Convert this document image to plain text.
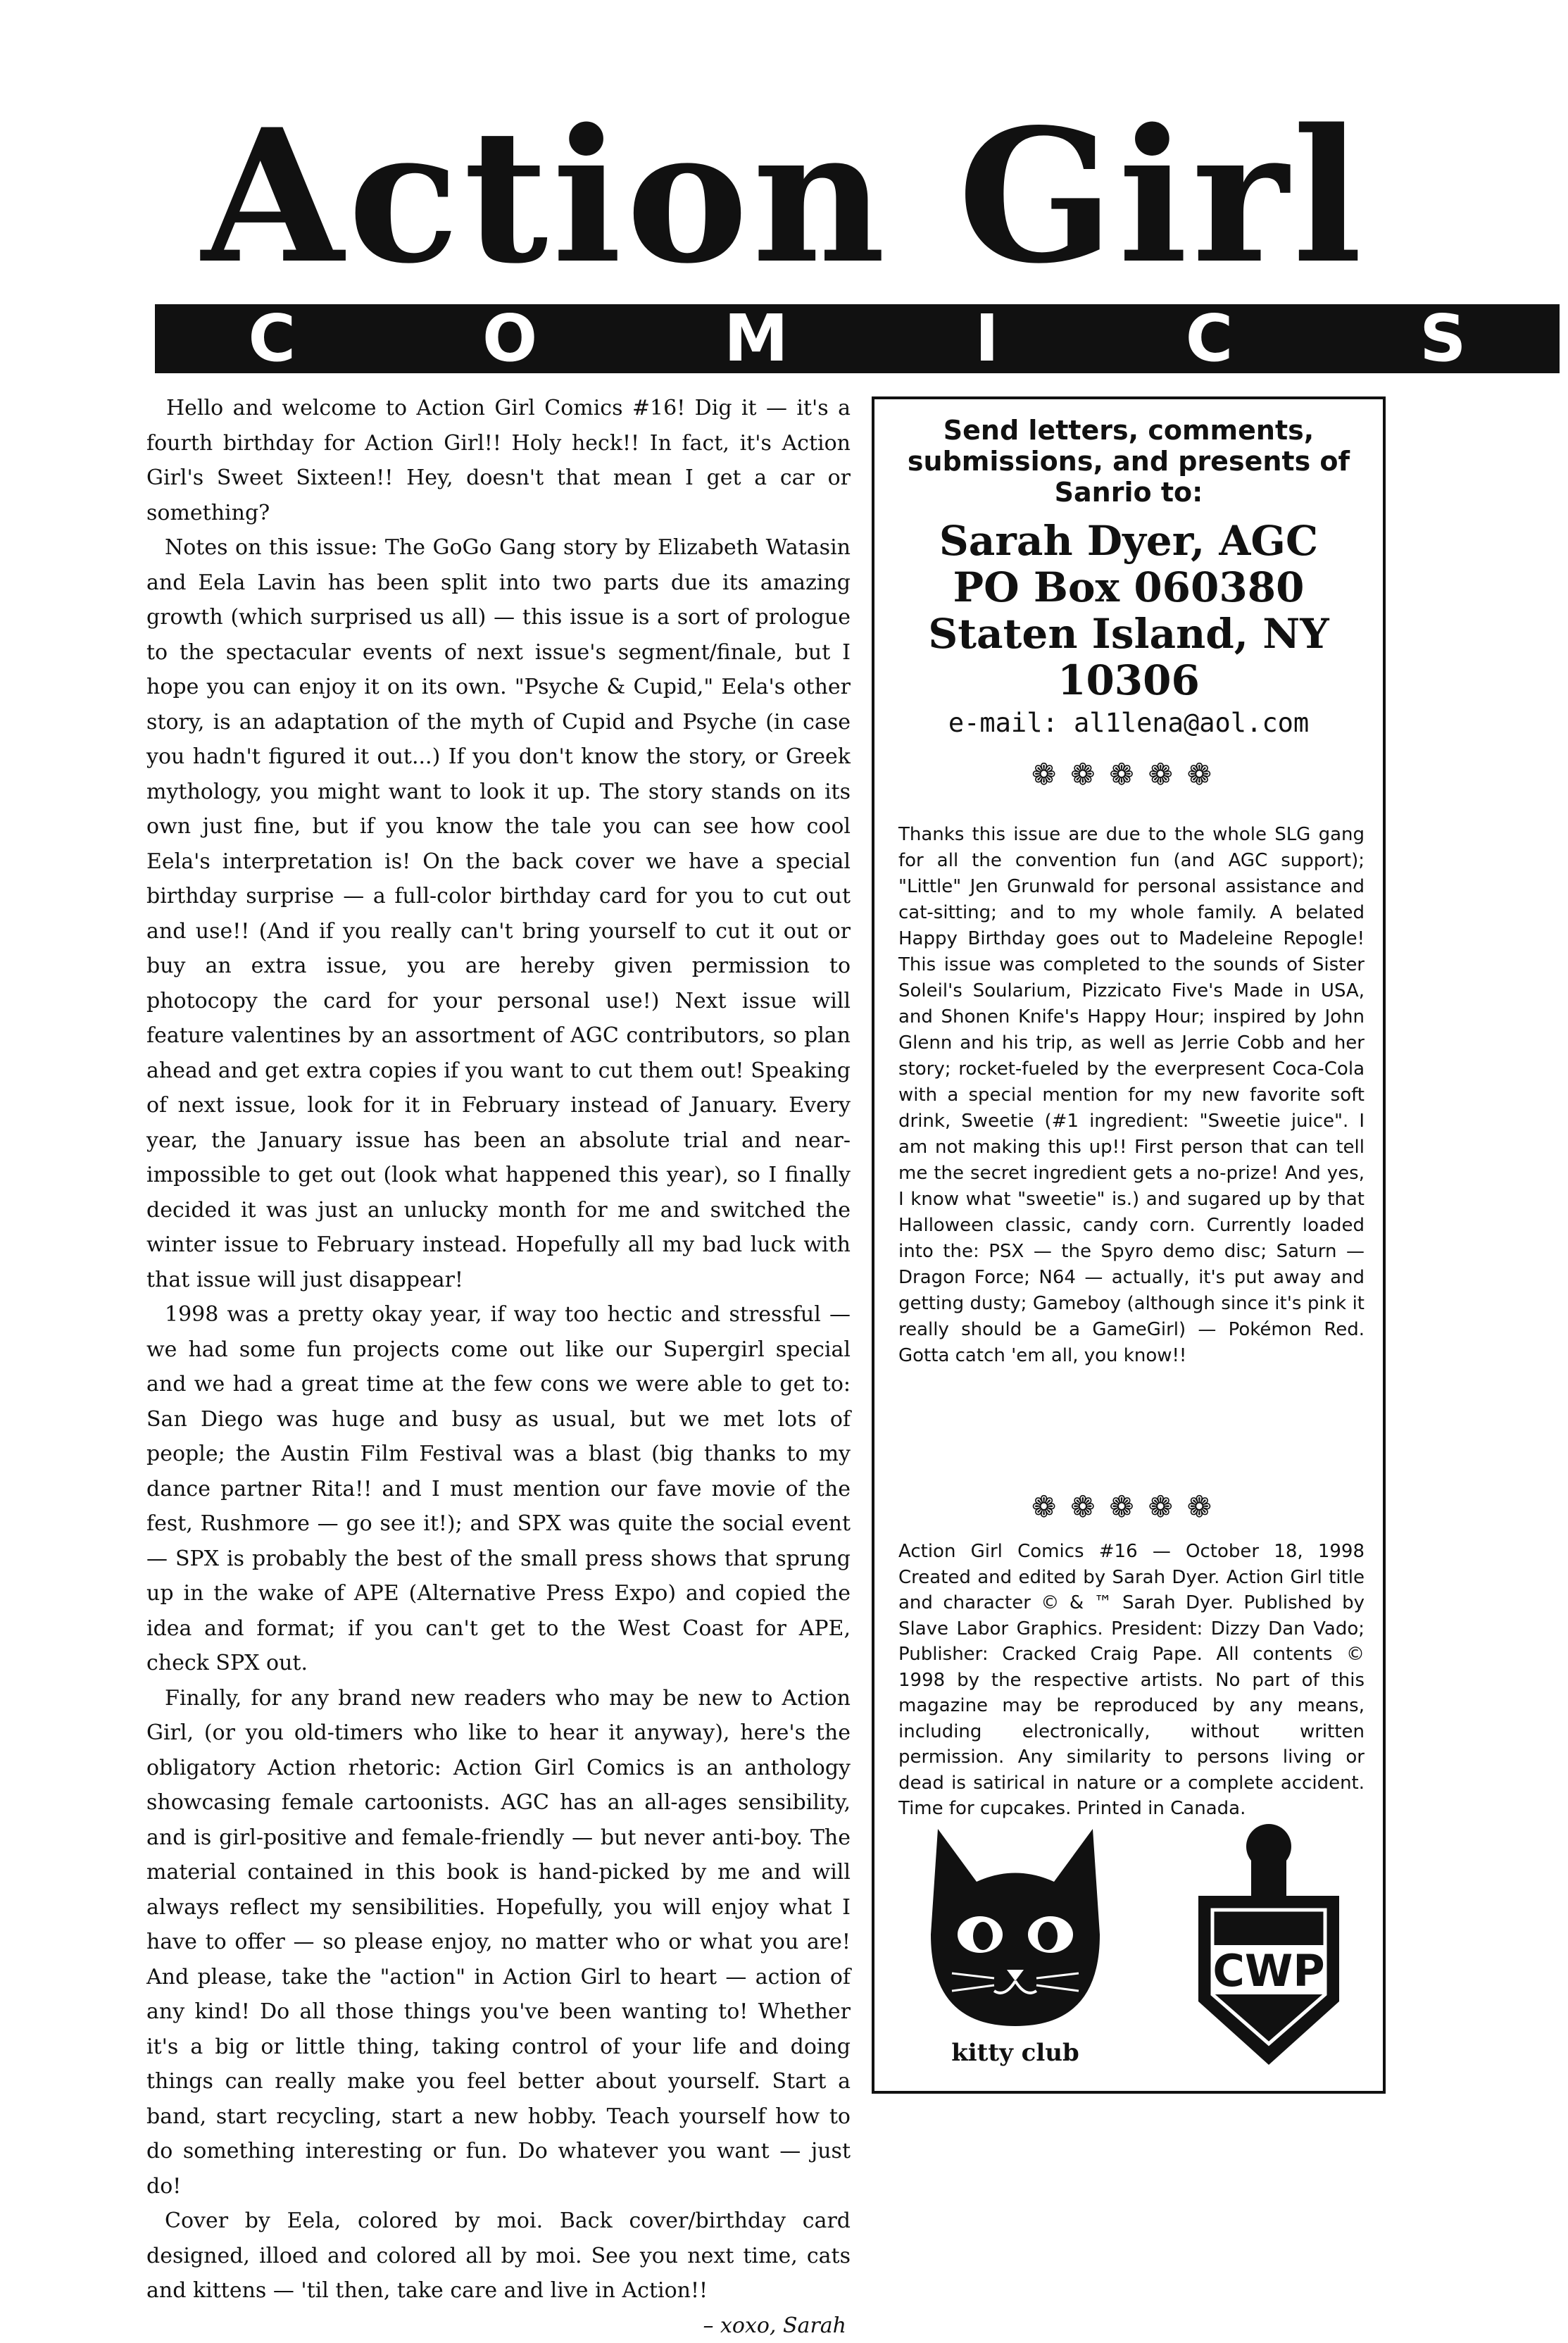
Action Girl
C	O	M	I	C	S

Hello and welcome to Action Girl Comics #16! Dig it — it's a fourth birthday for Action Girl!! Holy heck!! In fact, it's Action Girl's Sweet Sixteen!! Hey, doesn't that mean I get a car or something?

Notes on this issue: The GoGo Gang story by Elizabeth Watasin and Eela Lavin has been split into two parts due its amazing growth (which surprised us all) — this issue is a sort of prologue to the spectacular events of next issue's segment/finale, but I hope you can enjoy it on its own. "Psyche & Cupid," Eela's other story, is an adaptation of the myth of Cupid and Psyche (in case you hadn't figured it out...) If you don't know the story, or Greek mythology, you might want to look it up. The story stands on its own just fine, but if you know the tale you can see how cool Eela's interpretation is! On the back cover we have a special birthday surprise — a full-color birthday card for you to cut out and use!! (And if you really can't bring yourself to cut it out or buy an extra issue, you are hereby given permission to photocopy the card for your personal use!) Next issue will feature valentines by an assortment of AGC contributors, so plan ahead and get extra copies if you want to cut them out! Speaking of next issue, look for it in February instead of January. Every year, the January issue has been an absolute trial and near-impossible to get out (look what happened this year), so I finally decided it was just an unlucky month for me and switched the winter issue to February instead. Hopefully all my bad luck with that issue will just disappear!

1998 was a pretty okay year, if way too hectic and stressful — we had some fun projects come out like our Supergirl special and we had a great time at the few cons we were able to get to: San Diego was huge and busy as usual, but we met lots of people; the Austin Film Festival was a blast (big thanks to my dance partner Rita!! and I must mention our fave movie of the fest, Rushmore — go see it!); and SPX was quite the social event — SPX is probably the best of the small press shows that sprung up in the wake of APE (Alternative Press Expo) and copied the idea and format; if you can't get to the West Coast for APE, check SPX out.

Finally, for any brand new readers who may be new to Action Girl, (or you old-timers who like to hear it anyway), here's the obligatory Action rhetoric: Action Girl Comics is an anthology showcasing female cartoonists. AGC has an all-ages sensibility, and is girl-positive and female-friendly — but never anti-boy. The material contained in this book is hand-picked by me and will always reflect my sensibilities. Hopefully, you will enjoy what I have to offer — so please enjoy, no matter who or what you are! And please, take the "action" in Action Girl to heart — action of any kind! Do all those things you've been wanting to! Whether it's a big or little thing, taking control of your life and doing things can really make you feel better about yourself. Start a band, start recycling, start a new hobby. Teach yourself how to do something interesting or fun. Do whatever you want — just do!

Cover by Eela, colored by moi. Back cover/birthday card designed, illoed and colored all by moi. See you next time, cats and kittens — 'til then, take care and live in Action!!

– xoxo, Sarah
Send letters, comments, submissions, and presents of Sanrio to:
Sarah Dyer, AGC
PO Box 060380
Staten Island, NY
10306
e-mail: al1lena@aol.com
❁❁❁❁❁
Thanks this issue are due to the whole SLG gang for all the convention fun (and AGC support); "Little" Jen Grunwald for personal assistance and cat-sitting; and to my whole family. A belated Happy Birthday goes out to Madeleine Repogle! This issue was completed to the sounds of Sister Soleil's Soularium, Pizzicato Five's Made in USA, and Shonen Knife's Happy Hour; inspired by John Glenn and his trip, as well as Jerrie Cobb and her story; rocket-fueled by the everpresent Coca-Cola with a special mention for my new favorite soft drink, Sweetie (#1 ingredient: "Sweetie juice". I am not making this up!! First person that can tell me the secret ingredient gets a no-prize! And yes, I know what "sweetie" is.) and sugared up by that Halloween classic, candy corn. Currently loaded into the: PSX — the Spyro demo disc; Saturn — Dragon Force; N64 — actually, it's put away and getting dusty; Gameboy (although since it's pink it really should be a GameGirl) — Pokémon Red. Gotta catch 'em all, you know!!
❁❁❁❁❁
Action Girl Comics #16 — October 18, 1998 Created and edited by Sarah Dyer. Action Girl title and character © & ™ Sarah Dyer. Published by Slave Labor Graphics. President: Dizzy Dan Vado; Publisher: Cracked Craig Pape. All contents © 1998 by the respective artists. No part of this magazine may be reproduced by any means, including electronically, without written permission. Any similarity to persons living or dead is satirical in nature or a complete accident. Time for cupcakes. Printed in Canada.
kitty club
CWP
